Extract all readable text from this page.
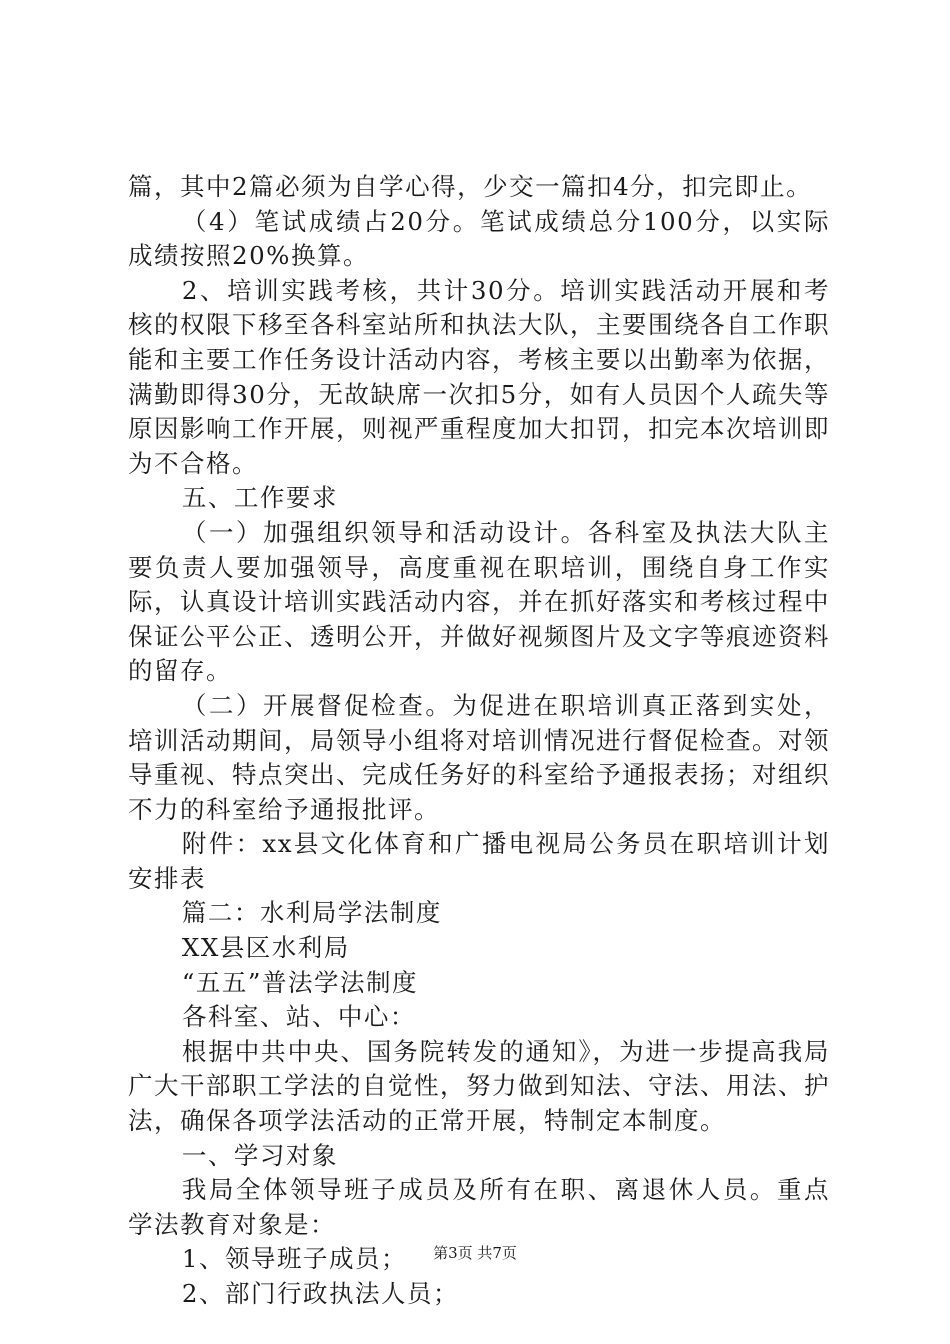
篇，其中2篇必须为自学心得，少交一篇扣4分，扣完即止。

（4）笔试成绩占20分。笔试成绩总分100分，以实际成绩按照20%换算。

2、培训实践考核，共计30分。培训实践活动开展和考核的权限下移至各科室站所和执法大队，主要围绕各自工作职能和主要工作任务设计活动内容，考核主要以出勤率为依据，满勤即得30分，无故缺席一次扣5分，如有人员因个人疏失等原因影响工作开展，则视严重程度加大扣罚，扣完本次培训即为不合格。

五、工作要求

（一）加强组织领导和活动设计。各科室及执法大队主要负责人要加强领导，高度重视在职培训，围绕自身工作实际，认真设计培训实践活动内容，并在抓好落实和考核过程中保证公平公正、透明公开，并做好视频图片及文字等痕迹资料的留存。

（二）开展督促检查。为促进在职培训真正落到实处，培训活动期间，局领导小组将对培训情况进行督促检查。对领导重视、特点突出、完成任务好的科室给予通报表扬；对组织不力的科室给予通报批评。

附件：xx县文化体育和广播电视局公务员在职培训计划安排表

篇二：水利局学法制度

XX县区水利局

“五五”普法学法制度

各科室、站、中心：

根据中共中央、国务院转发的通知》，为进一步提高我局广大干部职工学法的自觉性，努力做到知法、守法、用法、护法，确保各项学法活动的正常开展，特制定本制度。

一、学习对象

我局全体领导班子成员及所有在职、离退休人员。重点学法教育对象是：

1、领导班子成员；

2、部门行政执法人员；

第3页 共7页
